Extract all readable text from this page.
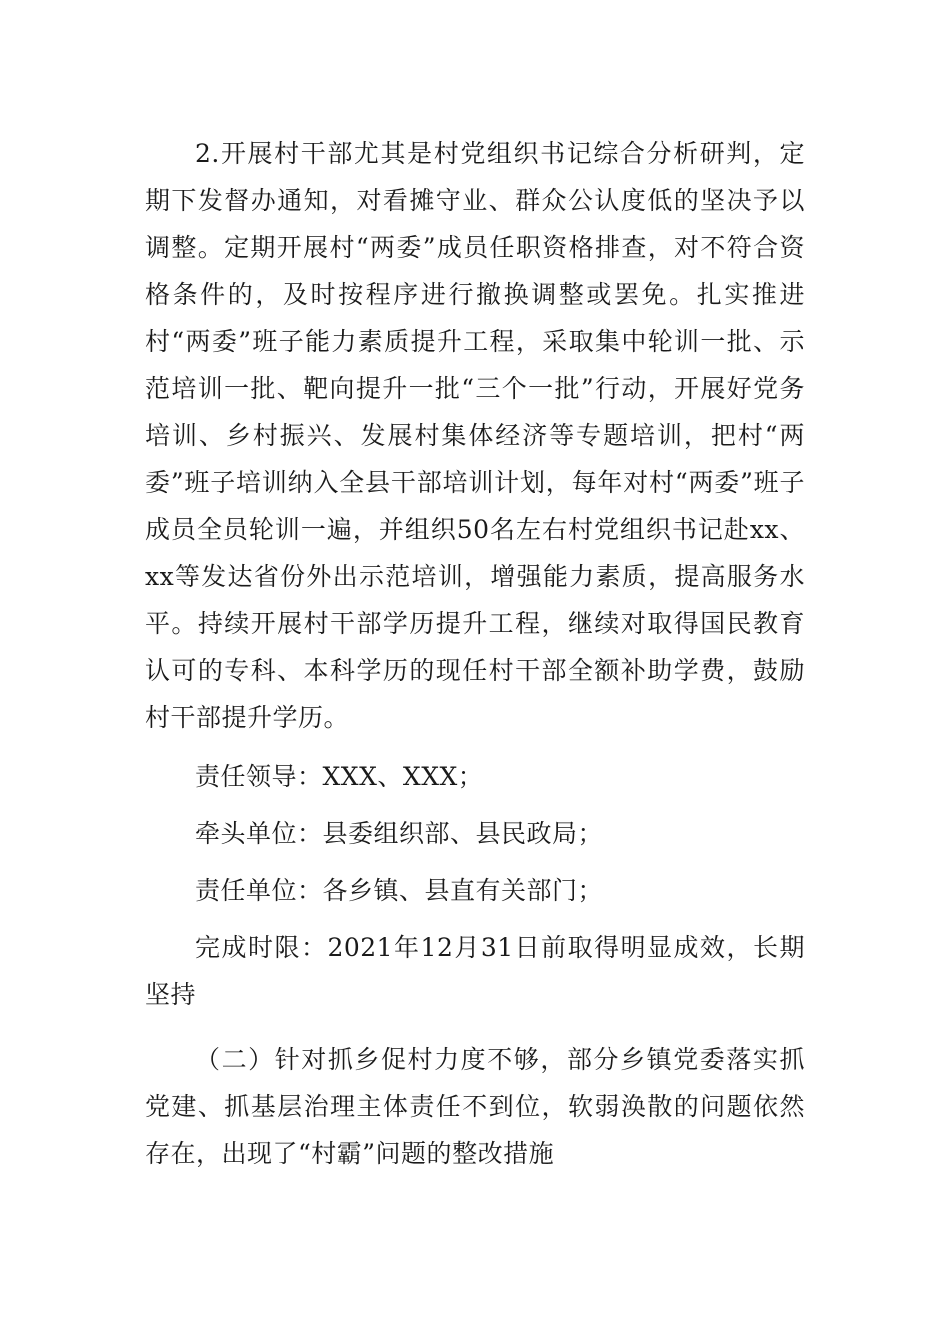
2.开展村干部尤其是村党组织书记综合分析研判，定期下发督办通知，对看摊守业、群众公认度低的坚决予以调整。定期开展村“两委”成员任职资格排查，对不符合资格条件的，及时按程序进行撤换调整或罢免。扎实推进村“两委”班子能力素质提升工程，采取集中轮训一批、示范培训一批、靶向提升一批“三个一批”行动，开展好党务培训、乡村振兴、发展村集体经济等专题培训，把村“两委”班子培训纳入全县干部培训计划，每年对村“两委”班子成员全员轮训一遍，并组织50名左右村党组织书记赴xx、xx等发达省份外出示范培训，增强能力素质，提高服务水平。持续开展村干部学历提升工程，继续对取得国民教育认可的专科、本科学历的现任村干部全额补助学费，鼓励村干部提升学历。

责任领导：XXX、XXX；

牵头单位：县委组织部、县民政局；

责任单位：各乡镇、县直有关部门；

完成时限：2021年12月31日前取得明显成效，长期坚持

（二）针对抓乡促村力度不够，部分乡镇党委落实抓党建、抓基层治理主体责任不到位，软弱涣散的问题依然存在，出现了“村霸”问题的整改措施
